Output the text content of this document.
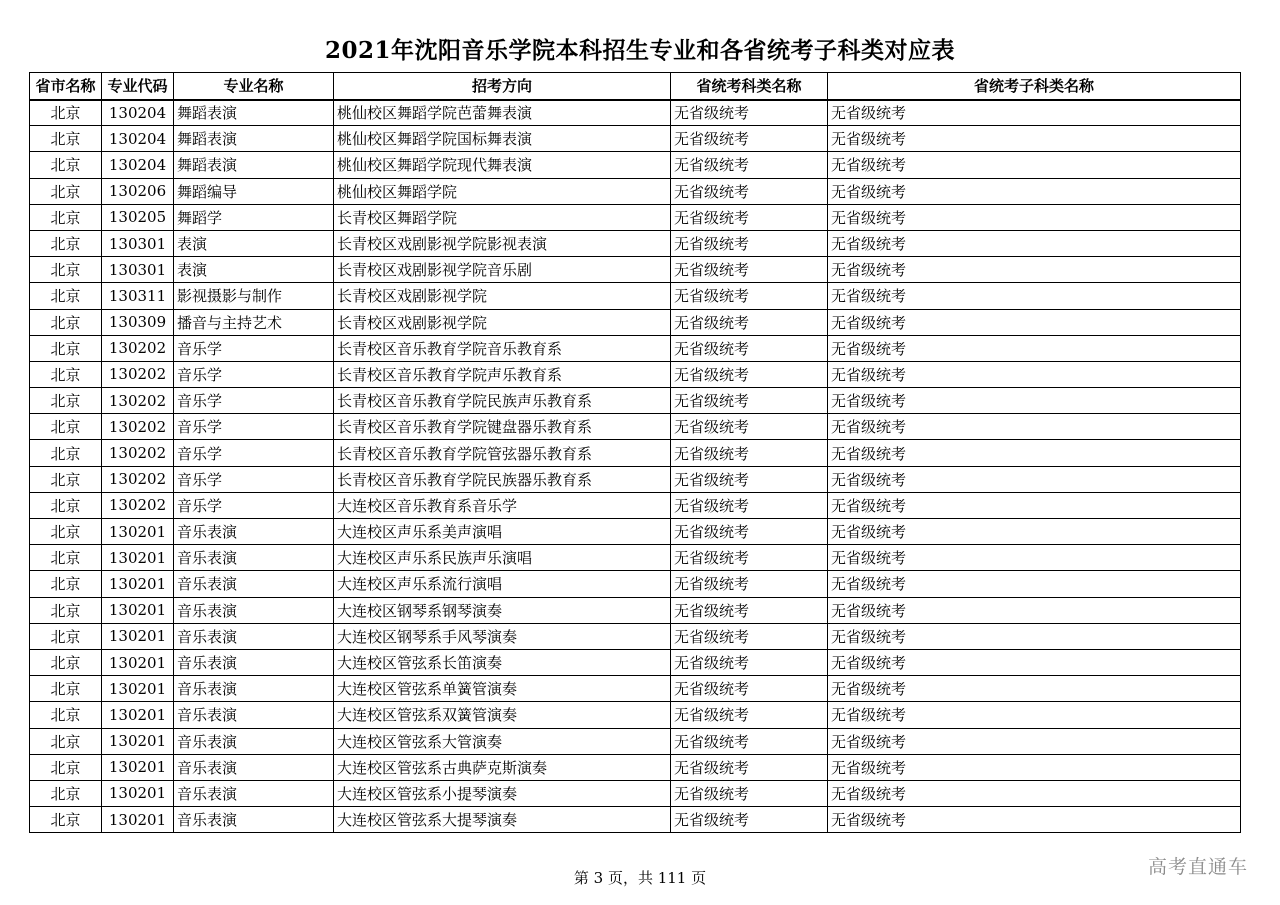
2021年沈阳音乐学院本科招生专业和各省统考子科类对应表
省市名称	专业代码	专业名称	招考方向	省统考科类名称	省统考子科类名称
北京	130204	舞蹈表演	桃仙校区舞蹈学院芭蕾舞表演	无省级统考	无省级统考
北京	130204	舞蹈表演	桃仙校区舞蹈学院国标舞表演	无省级统考	无省级统考
北京	130204	舞蹈表演	桃仙校区舞蹈学院现代舞表演	无省级统考	无省级统考
北京	130206	舞蹈编导	桃仙校区舞蹈学院	无省级统考	无省级统考
北京	130205	舞蹈学	长青校区舞蹈学院	无省级统考	无省级统考
北京	130301	表演	长青校区戏剧影视学院影视表演	无省级统考	无省级统考
北京	130301	表演	长青校区戏剧影视学院音乐剧	无省级统考	无省级统考
北京	130311	影视摄影与制作	长青校区戏剧影视学院	无省级统考	无省级统考
北京	130309	播音与主持艺术	长青校区戏剧影视学院	无省级统考	无省级统考
北京	130202	音乐学	长青校区音乐教育学院音乐教育系	无省级统考	无省级统考
北京	130202	音乐学	长青校区音乐教育学院声乐教育系	无省级统考	无省级统考
北京	130202	音乐学	长青校区音乐教育学院民族声乐教育系	无省级统考	无省级统考
北京	130202	音乐学	长青校区音乐教育学院键盘器乐教育系	无省级统考	无省级统考
北京	130202	音乐学	长青校区音乐教育学院管弦器乐教育系	无省级统考	无省级统考
北京	130202	音乐学	长青校区音乐教育学院民族器乐教育系	无省级统考	无省级统考
北京	130202	音乐学	大连校区音乐教育系音乐学	无省级统考	无省级统考
北京	130201	音乐表演	大连校区声乐系美声演唱	无省级统考	无省级统考
北京	130201	音乐表演	大连校区声乐系民族声乐演唱	无省级统考	无省级统考
北京	130201	音乐表演	大连校区声乐系流行演唱	无省级统考	无省级统考
北京	130201	音乐表演	大连校区钢琴系钢琴演奏	无省级统考	无省级统考
北京	130201	音乐表演	大连校区钢琴系手风琴演奏	无省级统考	无省级统考
北京	130201	音乐表演	大连校区管弦系长笛演奏	无省级统考	无省级统考
北京	130201	音乐表演	大连校区管弦系单簧管演奏	无省级统考	无省级统考
北京	130201	音乐表演	大连校区管弦系双簧管演奏	无省级统考	无省级统考
北京	130201	音乐表演	大连校区管弦系大管演奏	无省级统考	无省级统考
北京	130201	音乐表演	大连校区管弦系古典萨克斯演奏	无省级统考	无省级统考
北京	130201	音乐表演	大连校区管弦系小提琴演奏	无省级统考	无省级统考
北京	130201	音乐表演	大连校区管弦系大提琴演奏	无省级统考	无省级统考
第 3 页，共 111 页	高考直通车
